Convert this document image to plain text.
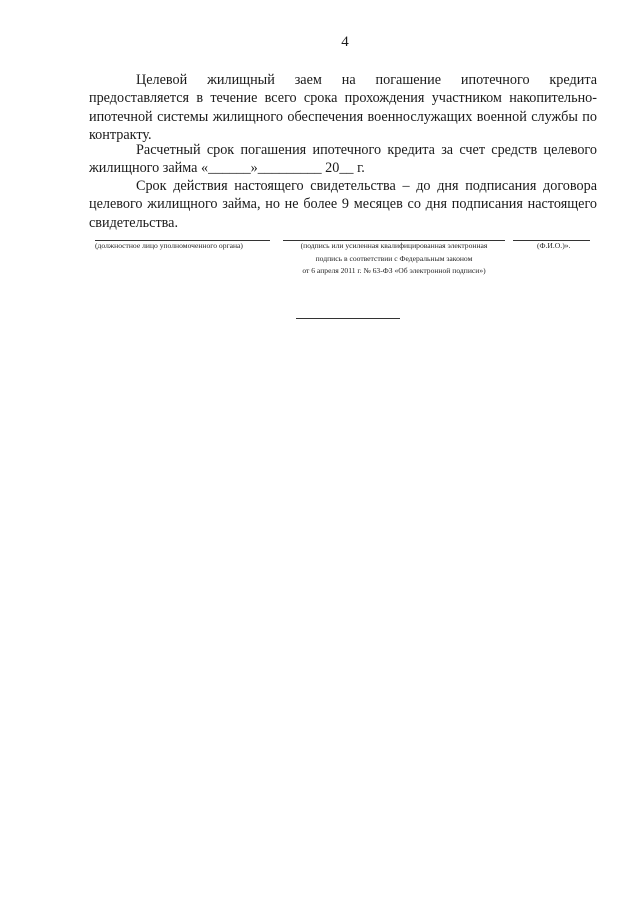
4

Целевой жилищный заем на погашение ипотечного кредита предоставляется в течение всего срока прохождения участником накопительно-ипотечной системы жилищного обеспечения военнослужащих военной службы по контракту.

Расчетный срок погашения ипотечного кредита за счет средств целевого жилищного займа «______»_________ 20__ г.

Срок действия настоящего свидетельства – до дня подписания договора целевого жилищного займа, но не более 9 месяцев со дня подписания настоящего свидетельства.

(должностное лицо уполномоченного органа)	(подпись или усиленная квалифицированная электронная
подпись в соответствии с Федеральным законом
от 6 апреля 2011 г. № 63-ФЗ «Об электронной подписи»)
(Ф.И.О.)».
